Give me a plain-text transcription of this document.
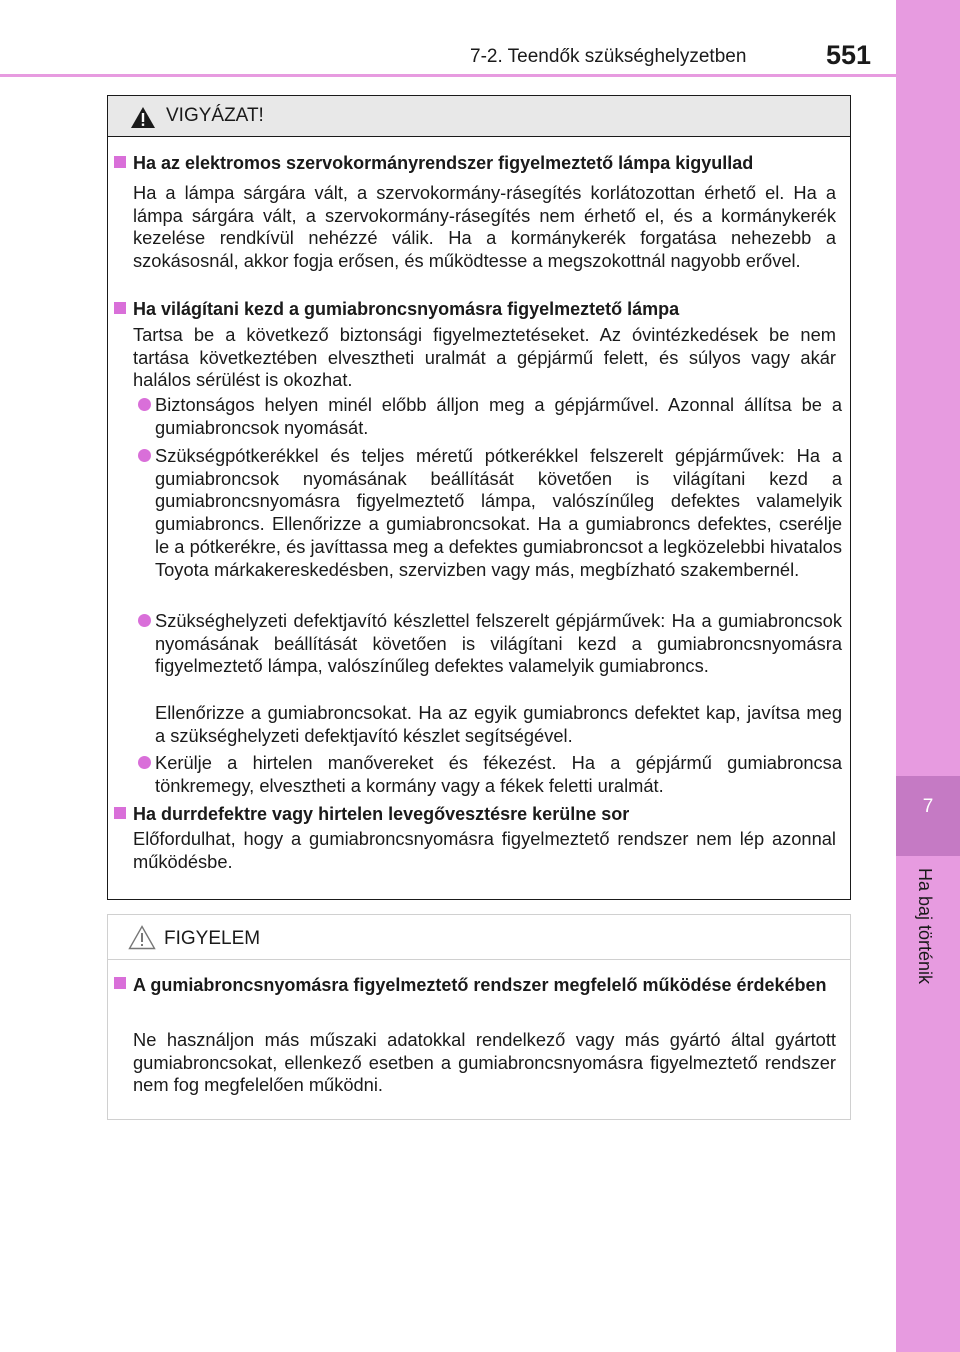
7-2. Teendők szükséghelyzetben	551
7
Ha baj történik
VIGYÁZAT!
Ha az elektromos szervokormányrendszer figyelmeztető lámpa kigyullad
Ha a lámpa sárgára vált, a szervokormány-rásegítés korlátozottan érhető el. Ha a lámpa sárgára vált, a szervokormány-rásegítés nem érhető el, és a kormánykerék kezelése rendkívül nehézzé válik. Ha a kormánykerék forgatása nehezebb a szokásosnál, akkor fogja erősen, és működtesse a megszokottnál nagyobb erővel.
Ha világítani kezd a gumiabroncsnyomásra figyelmeztető lámpa
Tartsa be a következő biztonsági figyelmeztetéseket. Az óvintézkedések be nem tartása következtében elvesztheti uralmát a gépjármű felett, és súlyos vagy akár halálos sérülést is okozhat.
Biztonságos helyen minél előbb álljon meg a gépjárművel. Azonnal állítsa be a gumiabroncsok nyomását.
Szükségpótkerékkel és teljes méretű pótkerékkel felszerelt gépjárművek: Ha a gumiabroncsok nyomásának beállítását követően is világítani kezd a gumiabroncsnyomásra figyelmeztető lámpa, valószínűleg defektes valamelyik gumiabroncs. Ellenőrizze a gumiabroncsokat. Ha a gumiabroncs defektes, cserélje le a pótkerékre, és javíttassa meg a defektes gumiabroncsot a legközelebbi hivatalos Toyota márkakereskedésben, szervizben vagy más, megbízható szakembernél.
Szükséghelyzeti defektjavító készlettel felszerelt gépjárművek: Ha a gumiabroncsok nyomásának beállítását követően is világítani kezd a gumiabroncsnyomásra figyelmeztető lámpa, valószínűleg defektes valamelyik gumiabroncs.
Ellenőrizze a gumiabroncsokat. Ha az egyik gumiabroncs defektet kap, javítsa meg a szükséghelyzeti defektjavító készlet segítségével.
Kerülje a hirtelen manővereket és fékezést. Ha a gépjármű gumiabroncsa tönkremegy, elvesztheti a kormány vagy a fékek feletti uralmát.
Ha durrdefektre vagy hirtelen levegővesztésre kerülne sor
Előfordulhat, hogy a gumiabroncsnyomásra figyelmeztető rendszer nem lép azonnal működésbe.
FIGYELEM
A gumiabroncsnyomásra figyelmeztető rendszer megfelelő működése érdekében
Ne használjon más műszaki adatokkal rendelkező vagy más gyártó által gyártott gumiabroncsokat, ellenkező esetben a gumiabroncsnyomásra figyelmeztető rendszer nem fog megfelelően működni.
